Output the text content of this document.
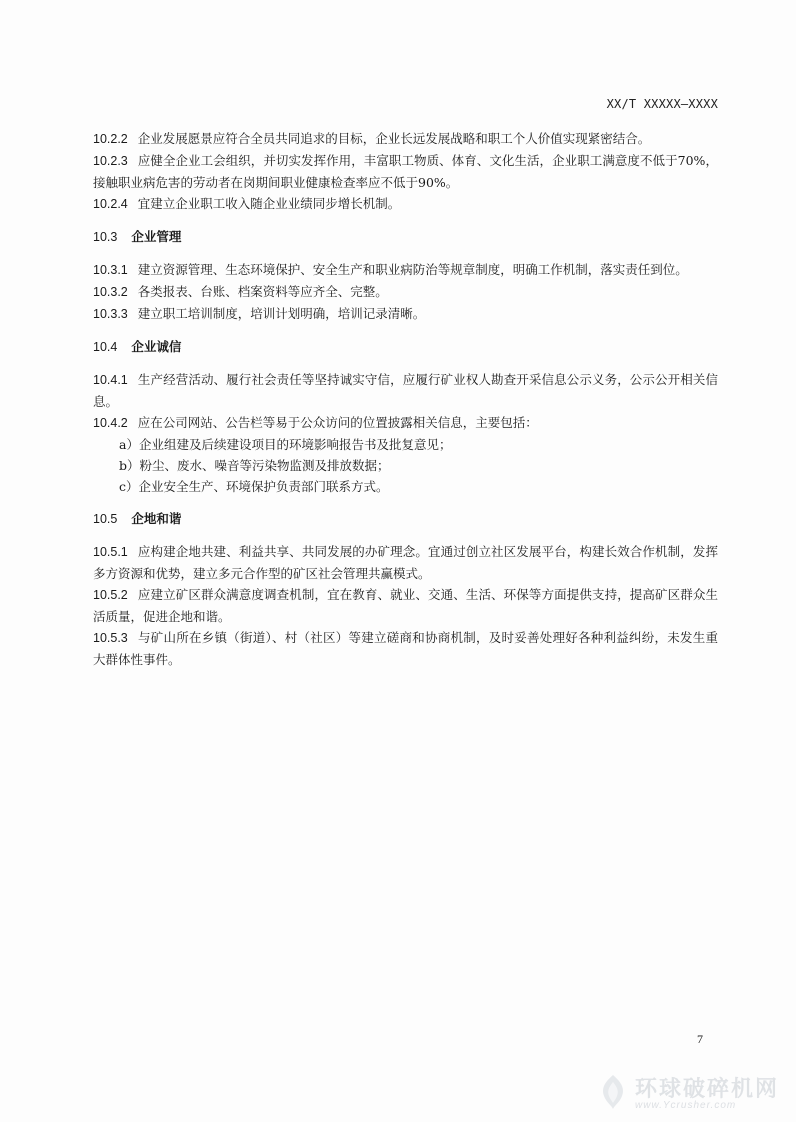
XX/T XXXXX—XXXX

10.2.2 企业发展愿景应符合全员共同追求的目标，企业长远发展战略和职工个人价值实现紧密结合。

10.2.3 应健全企业工会组织，并切实发挥作用，丰富职工物质、体育、文化生活，企业职工满意度不低于70%，接触职业病危害的劳动者在岗期间职业健康检查率应不低于90%。

10.2.4 宜建立企业职工收入随企业业绩同步增长机制。

10.3 企业管理

10.3.1 建立资源管理、生态环境保护、安全生产和职业病防治等规章制度，明确工作机制，落实责任到位。

10.3.2 各类报表、台账、档案资料等应齐全、完整。

10.3.3 建立职工培训制度，培训计划明确，培训记录清晰。

10.4 企业诚信

10.4.1 生产经营活动、履行社会责任等坚持诚实守信，应履行矿业权人勘查开采信息公示义务，公示公开相关信息。

10.4.2 应在公司网站、公告栏等易于公众访问的位置披露相关信息，主要包括：

a）企业组建及后续建设项目的环境影响报告书及批复意见；

b）粉尘、废水、噪音等污染物监测及排放数据；

c）企业安全生产、环境保护负责部门联系方式。

10.5 企地和谐

10.5.1 应构建企地共建、利益共享、共同发展的办矿理念。宜通过创立社区发展平台，构建长效合作机制，发挥多方资源和优势，建立多元合作型的矿区社会管理共赢模式。

10.5.2 应建立矿区群众满意度调查机制，宜在教育、就业、交通、生活、环保等方面提供支持，提高矿区群众生活质量，促进企地和谐。

10.5.3 与矿山所在乡镇（街道）、村（社区）等建立磋商和协商机制，及时妥善处理好各种利益纠纷，未发生重大群体性事件。

7
环球破碎机网
www.Ycrusher.com
